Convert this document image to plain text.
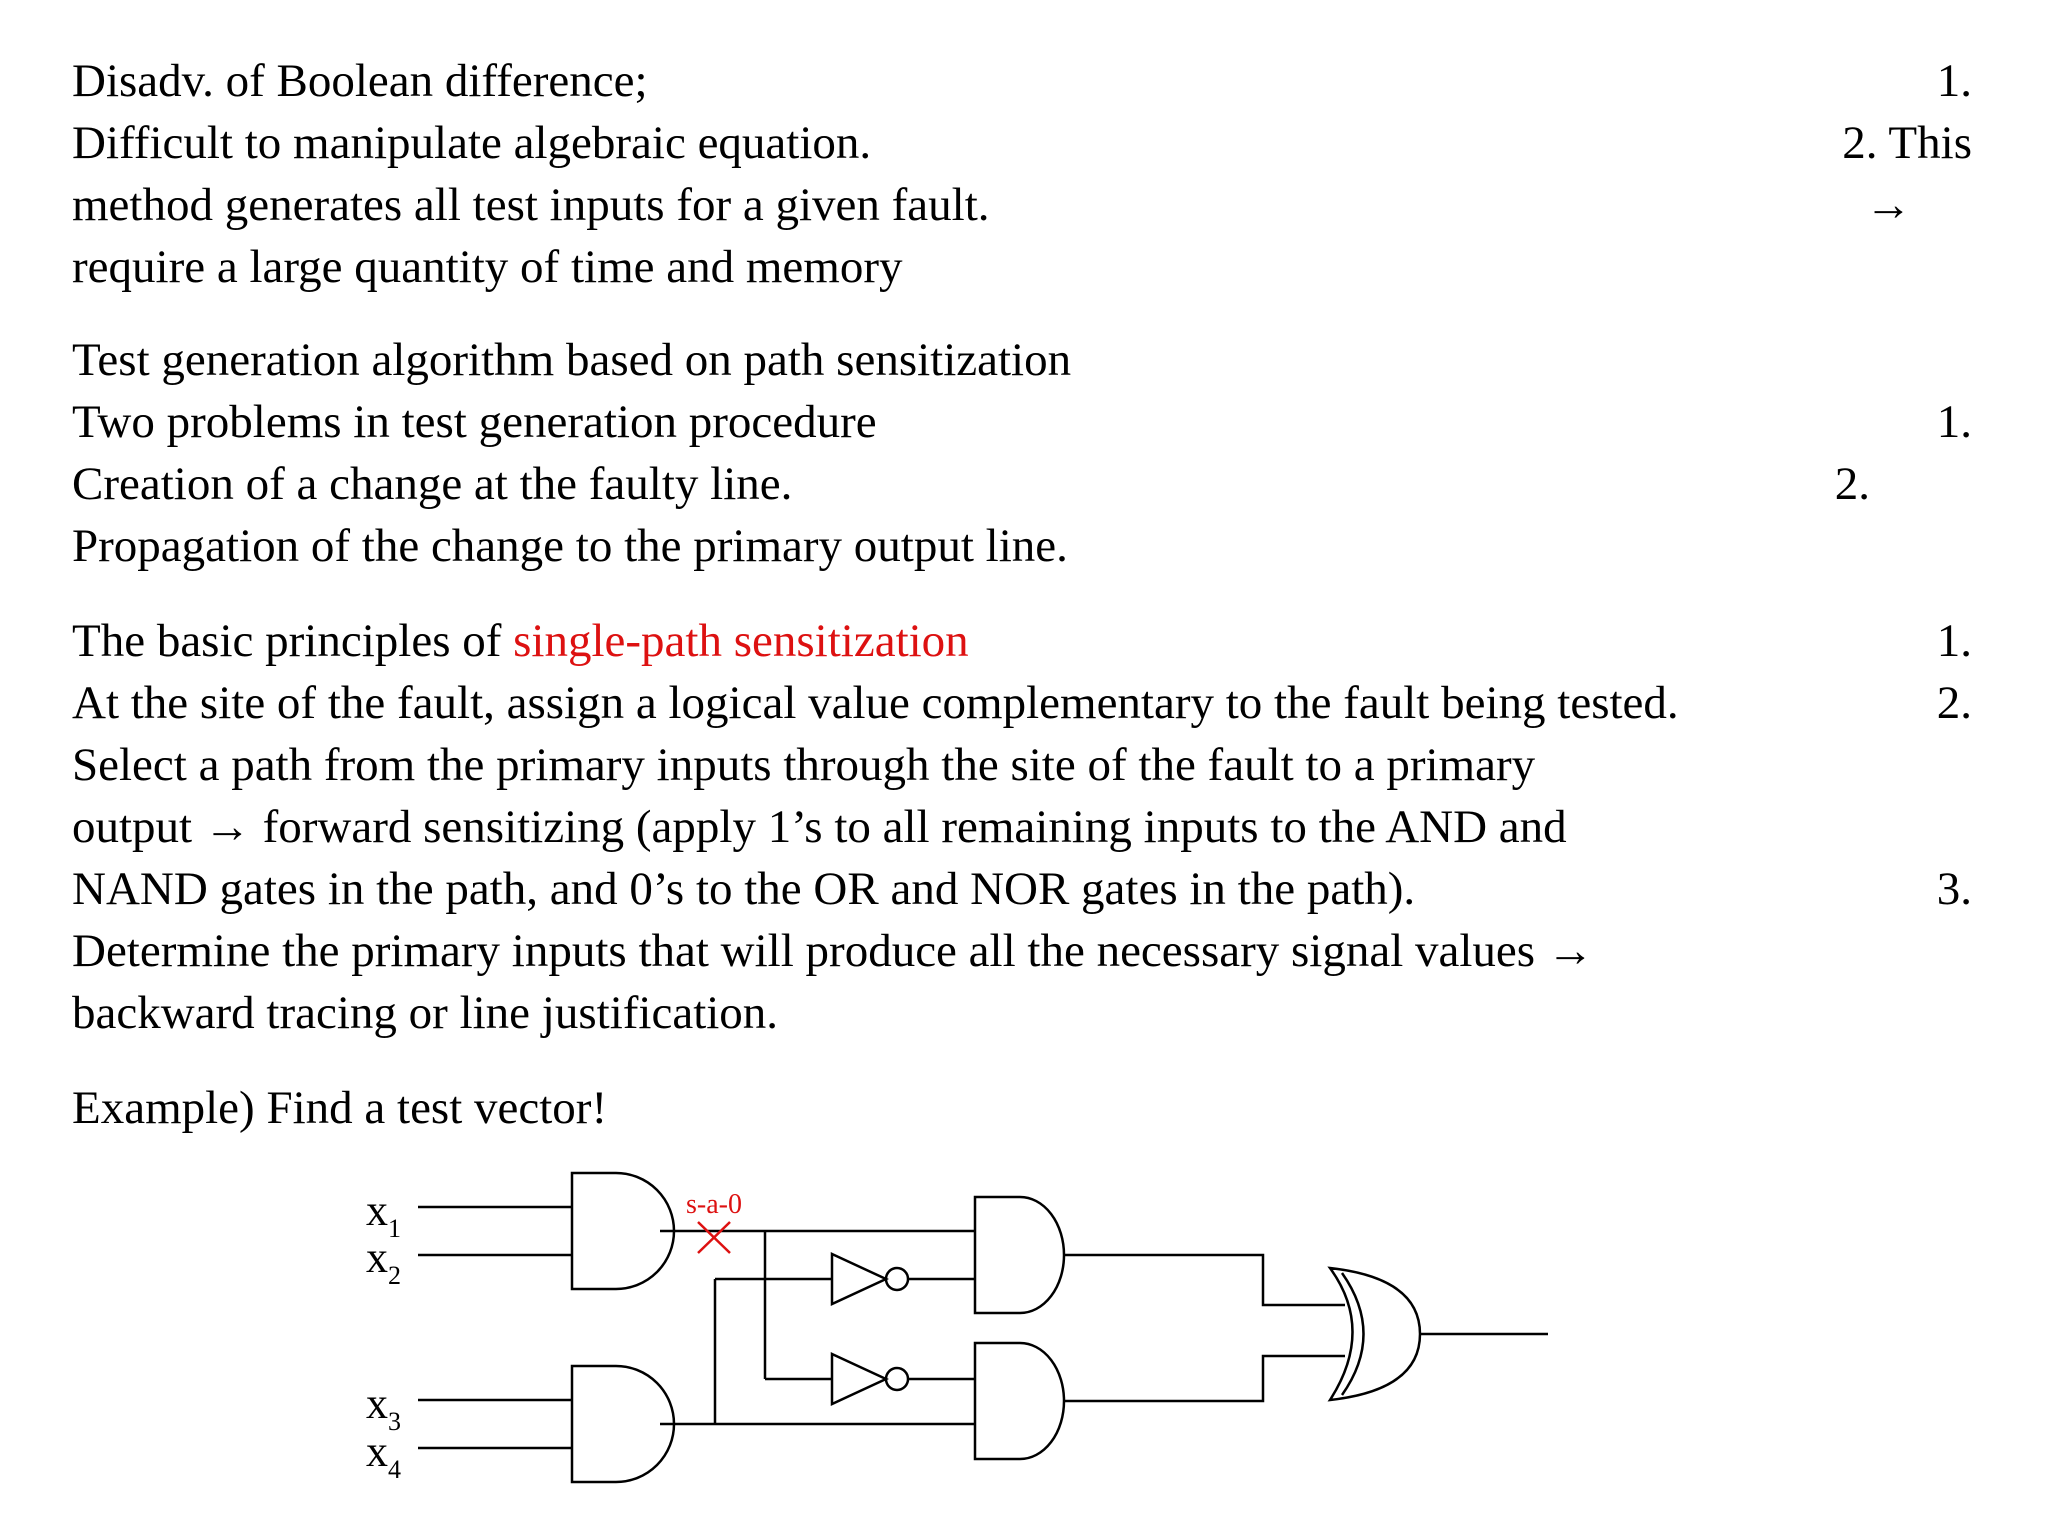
Disadv. of Boolean difference;

Difficult to manipulate algebraic equation.

method generates all test inputs for a given fault.

require a large quantity of time and memory

1.
2. This
→

Test generation algorithm based on path sensitization

Two problems in test generation procedure

Creation of a change at the faulty line.

Propagation of the change to the primary output line.

1.
2.

The basic principles of single-path sensitization

At the site of the fault, assign a logical value complementary to the fault being tested.

Select a path from the primary inputs through the site of the fault to a primary

output → forward sensitizing (apply 1’s to all remaining inputs to the AND and

NAND gates in the path, and 0’s to the OR and NOR gates in the path).

Determine the primary inputs that will produce all the necessary signal values →

backward tracing or line justification.

1.
2.
3.

Example) Find a test vector!

$x_1$
$x_2$
$x_3$
$x_4$
s-a-0
